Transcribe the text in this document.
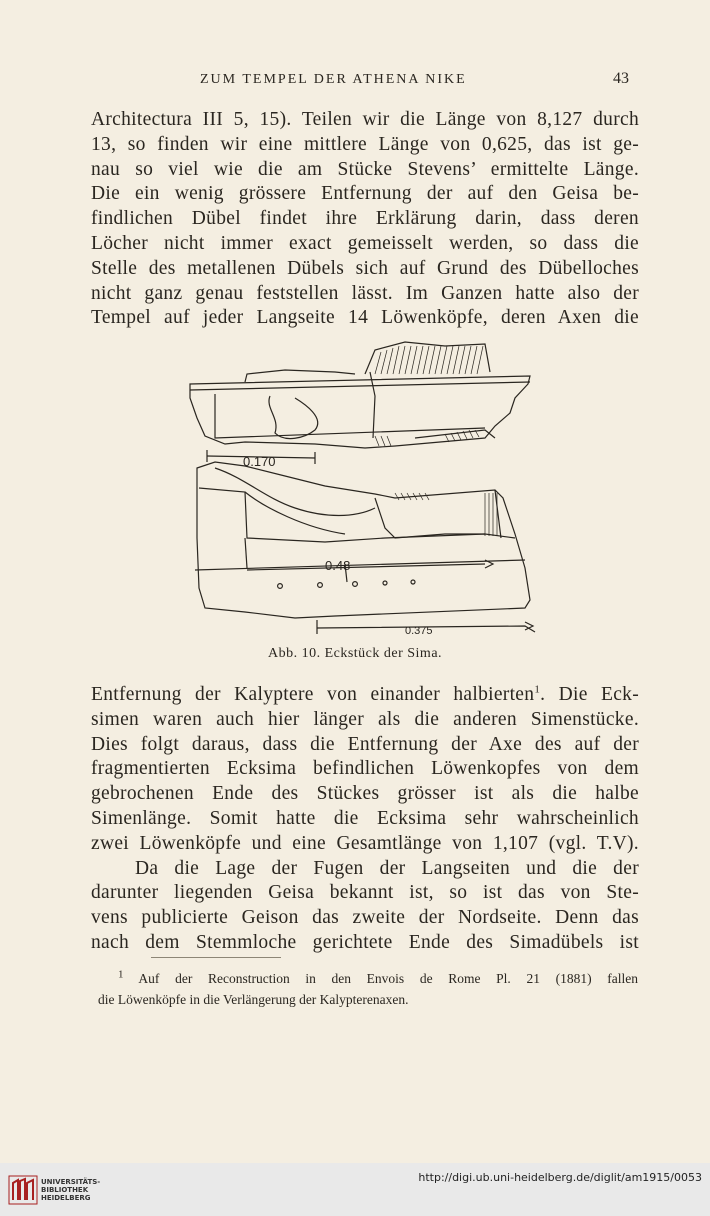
ZUM TEMPEL DER ATHENA NIKE	43
Architectura III 5, 15). Teilen wir die Länge von 8,127 durch
13, so finden wir eine mittlere Länge von 0,625, das ist ge-
nau so viel wie die am Stücke Stevens’ ermittelte Länge.
Die ein wenig grössere Entfernung der auf den Geisa be-
findlichen Dübel findet ihre Erklärung darin, dass deren
Löcher nicht immer exact gemeisselt werden, so dass die
Stelle des metallenen Dübels sich auf Grund des Dübelloches
nicht ganz genau feststellen lässt. Im Ganzen hatte also der
Tempel auf jeder Langseite 14 Löwenköpfe, deren Axen die
0.170
0.48
0.375
Abb. 10. Eckstück der Sima.
Entfernung der Kalyptere von einander halbierten$^1$. Die Eck-
simen waren auch hier länger als die anderen Simenstücke.
Dies folgt daraus, dass die Entfernung der Axe des auf der
fragmentierten Ecksima befindlichen Löwenkopfes von dem
gebrochenen Ende des Stückes grösser ist als die halbe
Simenlänge. Somit hatte die Ecksima sehr wahrscheinlich
zwei Löwenköpfe und eine Gesamtlänge von 1,107 (vgl. T.V).
Da die Lage der Fugen der Langseiten und die der
darunter liegenden Geisa bekannt ist, so ist das von Ste-
vens publicierte Geison das zweite der Nordseite. Denn das
nach dem Stemmloche gerichtete Ende des Simadübels ist
$^1$ Auf der Reconstruction in den Envois de Rome Pl. 21 (1881) fallen
die Löwenköpfe in die Verlängerung der Kalypterenaxen.
UNIVERSITÄTS-
BIBLIOTHEK
HEIDELBERG
http://digi.ub.uni-heidelberg.de/diglit/am1915/0053
